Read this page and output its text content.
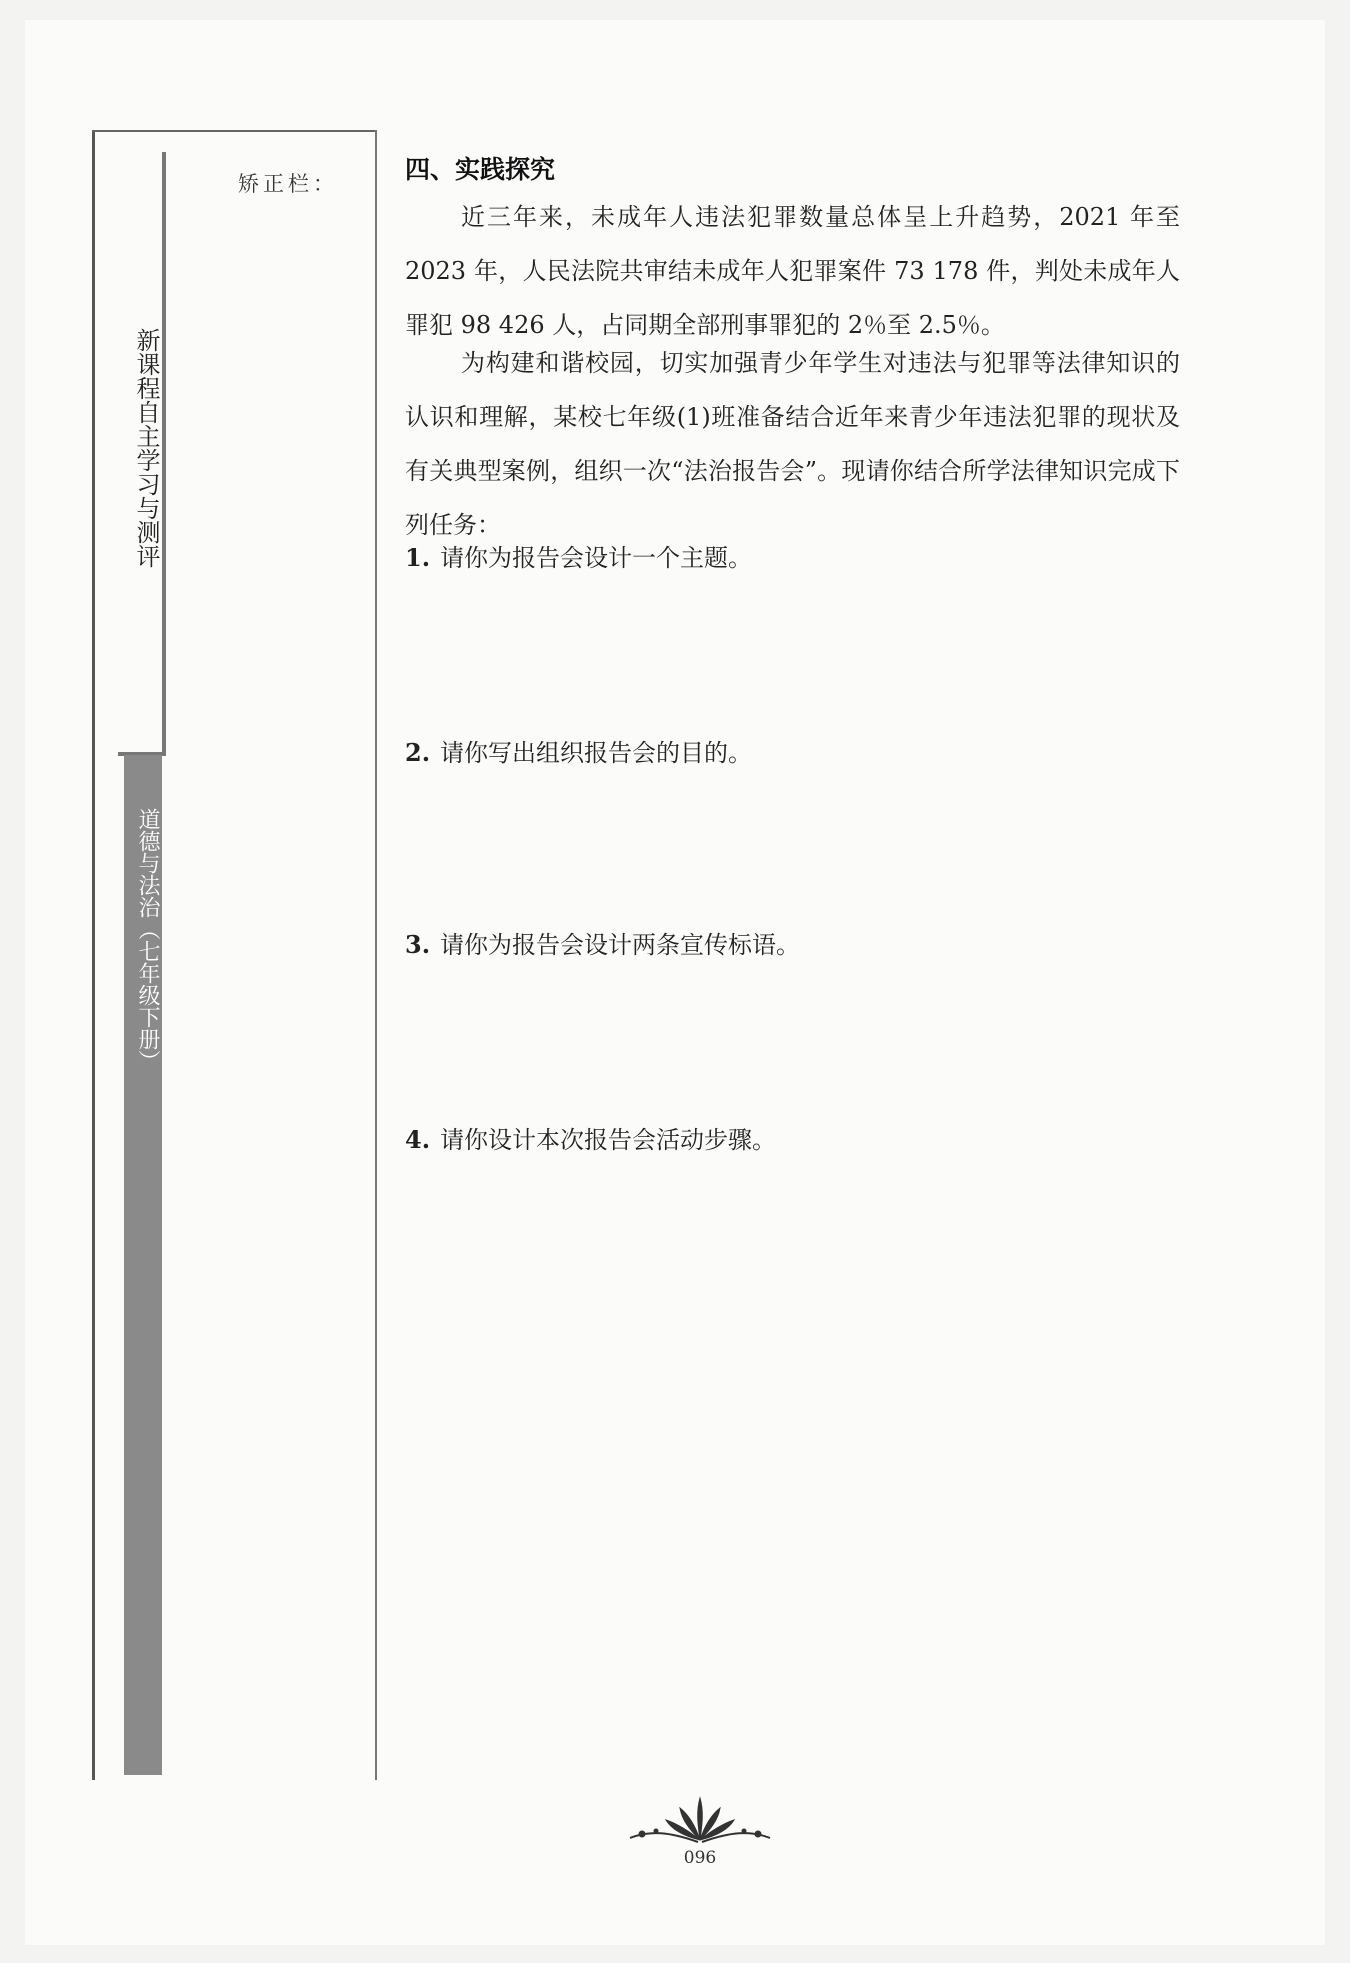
矫正栏：
新课程自主学习与测评
道德与法治（七年级下册）
四、实践探究
近三年来，未成年人违法犯罪数量总体呈上升趋势，2021 年至 2023 年，人民法院共审结未成年人犯罪案件 73 178 件，判处未成年人罪犯 98 426 人，占同期全部刑事罪犯的 2％至 2.5％。
为构建和谐校园，切实加强青少年学生对违法与犯罪等法律知识的认识和理解，某校七年级(1)班准备结合近年来青少年违法犯罪的现状及有关典型案例，组织一次“法治报告会”。现请你结合所学法律知识完成下列任务：
1. 请你为报告会设计一个主题。
2. 请你写出组织报告会的目的。
3. 请你为报告会设计两条宣传标语。
4. 请你设计本次报告会活动步骤。
096
